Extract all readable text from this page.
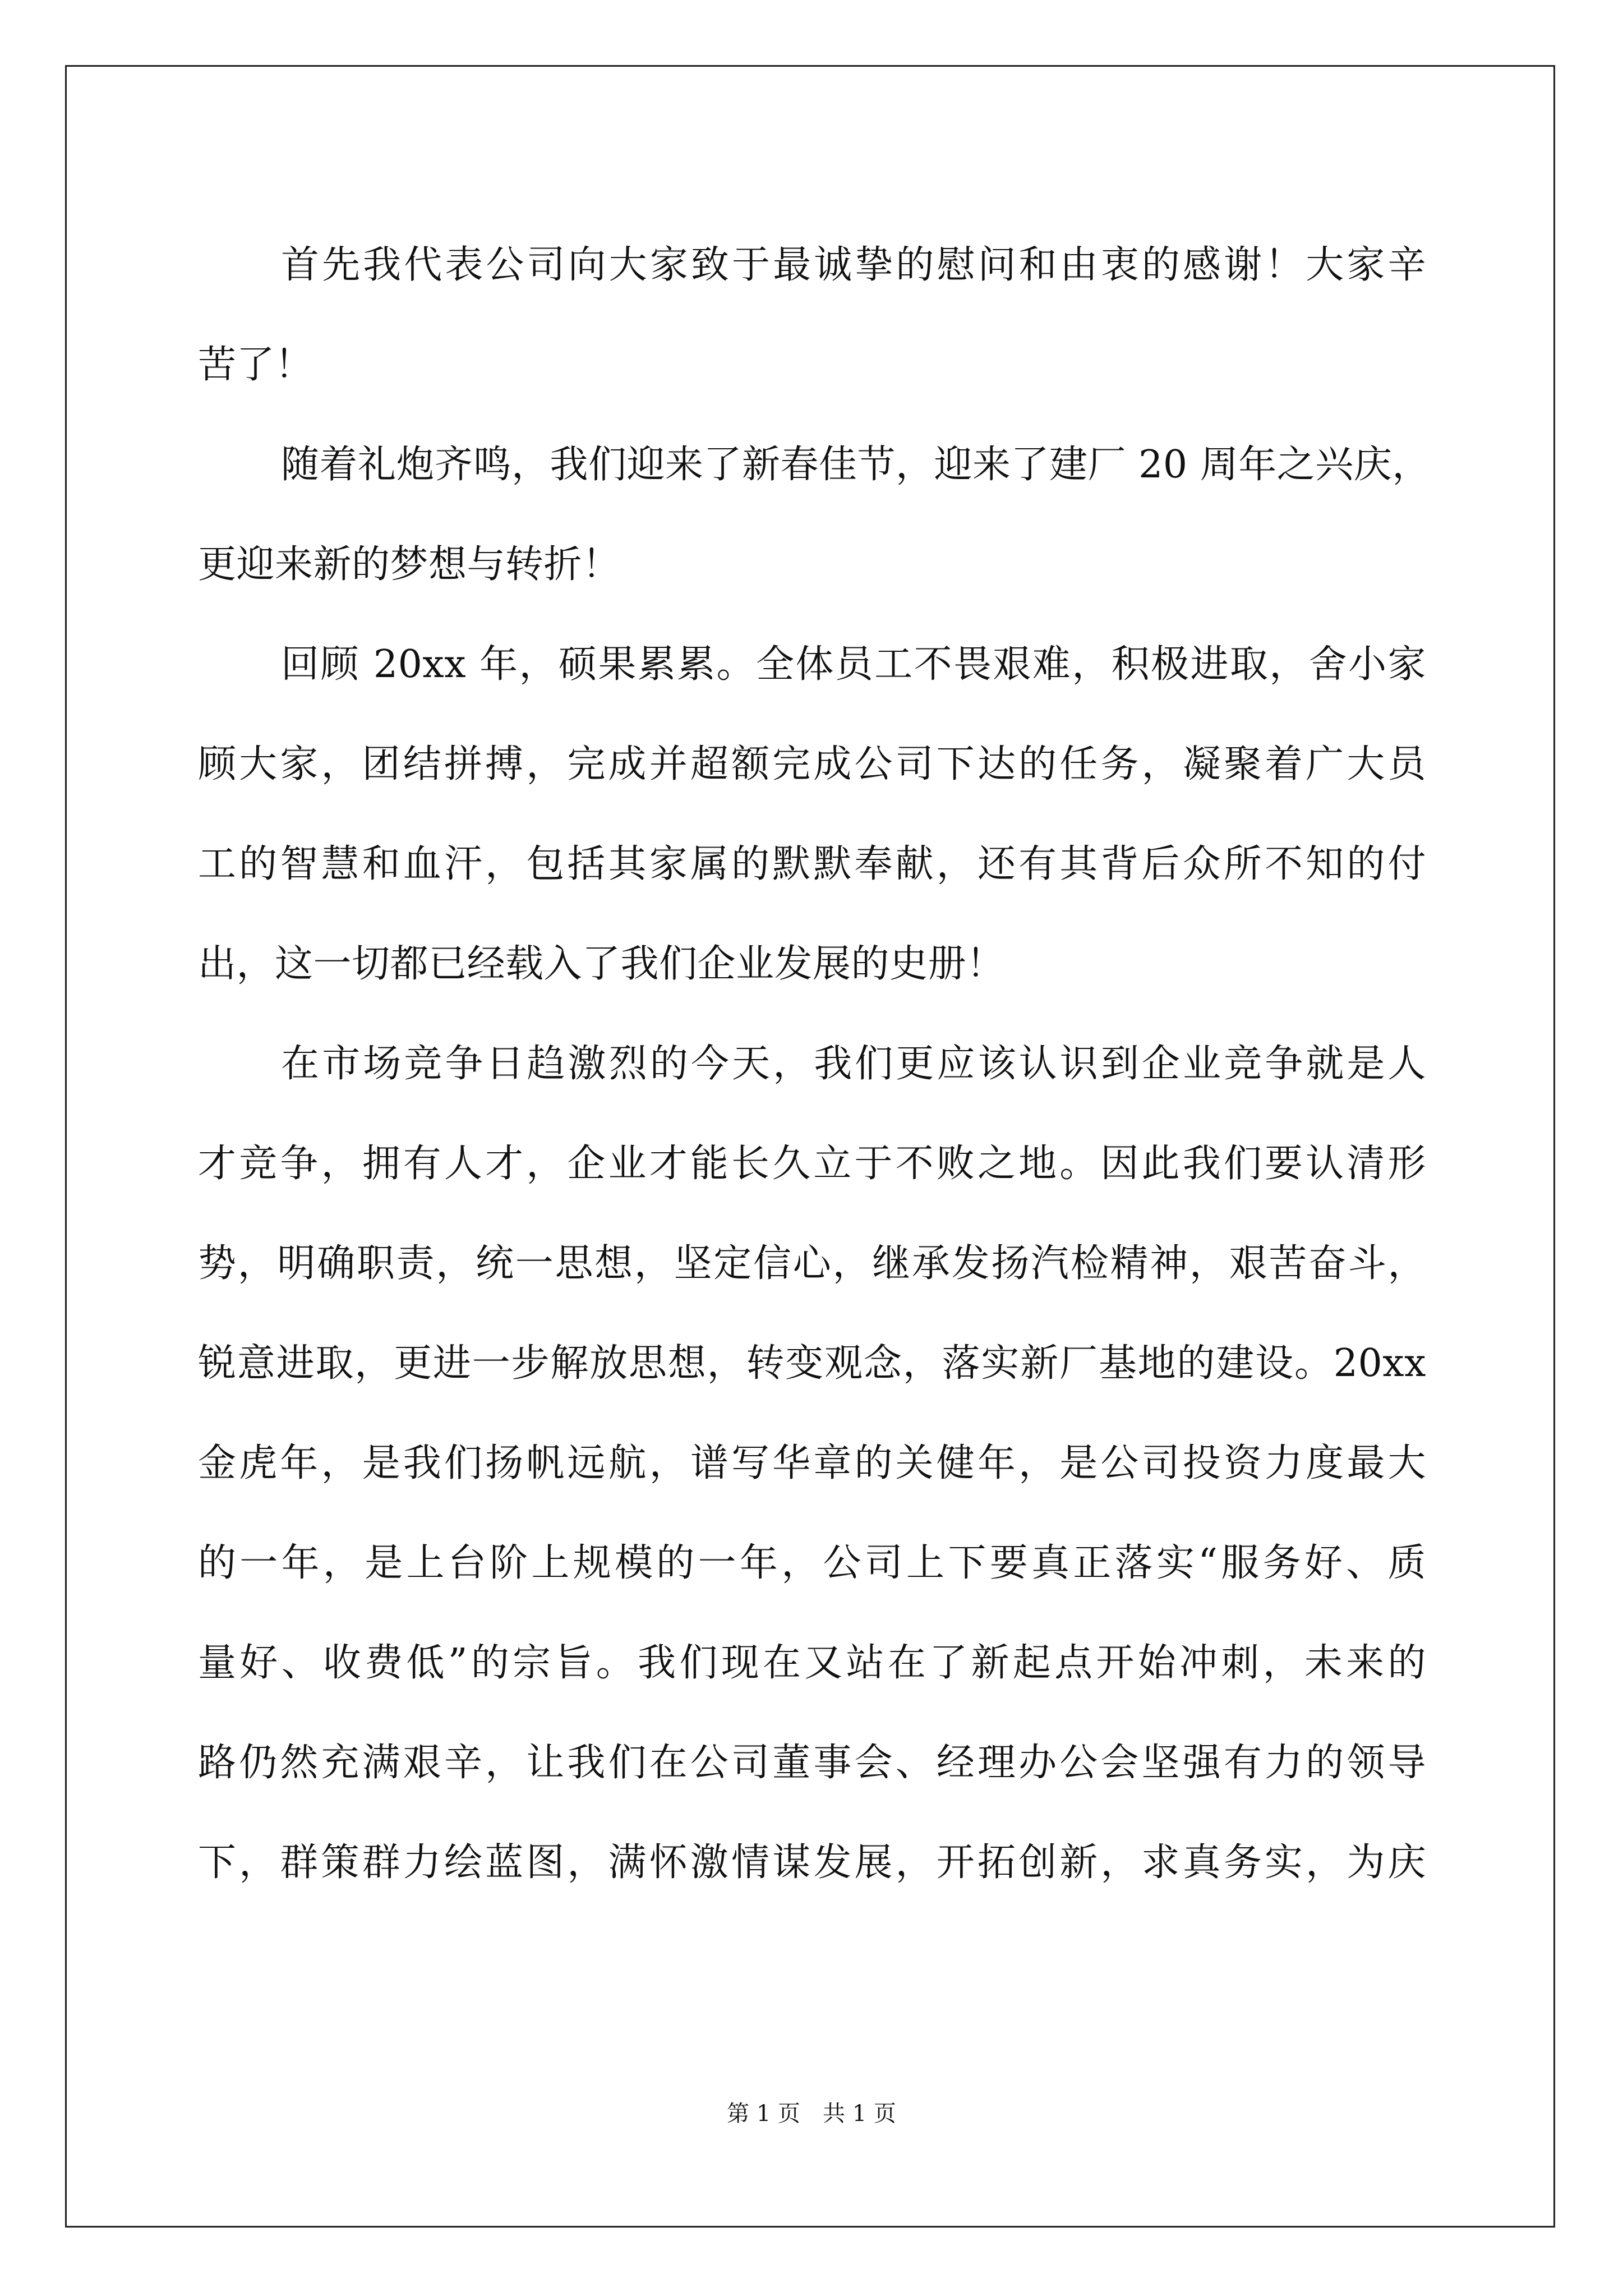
首先我代表公司向大家致于最诚挚的慰问和由衷的感谢！大家辛
苦了！
随着礼炮齐鸣，我们迎来了新春佳节，迎来了建厂 20 周年之兴庆，
更迎来新的梦想与转折！
回顾 20xx 年，硕果累累。全体员工不畏艰难，积极进取，舍小家
顾大家，团结拼搏，完成并超额完成公司下达的任务，凝聚着广大员
工的智慧和血汗，包括其家属的默默奉献，还有其背后众所不知的付
出，这一切都已经载入了我们企业发展的史册！
在市场竞争日趋激烈的今天，我们更应该认识到企业竞争就是人
才竞争，拥有人才，企业才能长久立于不败之地。因此我们要认清形
势，明确职责，统一思想，坚定信心，继承发扬汽检精神，艰苦奋斗，
锐意进取，更进一步解放思想，转变观念，落实新厂基地的建设。20xx
金虎年，是我们扬帆远航，谱写华章的关健年，是公司投资力度最大
的一年，是上台阶上规模的一年，公司上下要真正落实“服务好、质
量好、收费低”的宗旨。我们现在又站在了新起点开始冲刺，未来的
路仍然充满艰辛，让我们在公司董事会、经理办公会坚强有力的领导
下，群策群力绘蓝图，满怀激情谋发展，开拓创新，求真务实，为庆
第 1 页　共 1 页
